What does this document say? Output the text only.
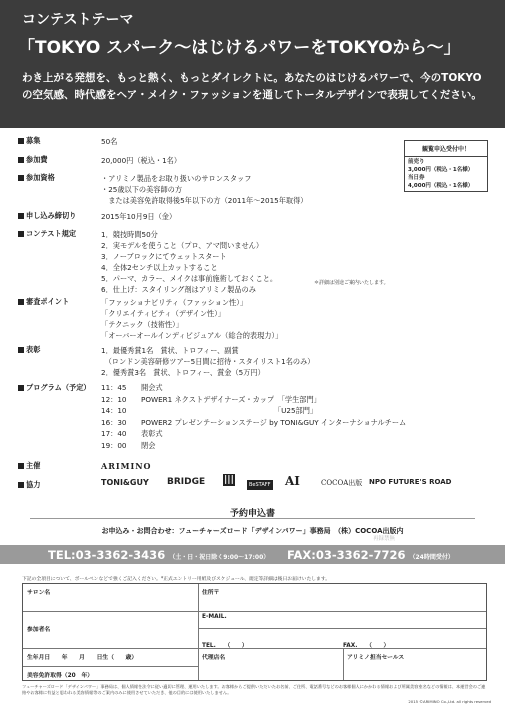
コンテストテーマ
「TOKYO スパーク～はじけるパワーをTOKYOから～」
わき上がる発想を、もっと熱く、もっとダイレクトに。あなたのはじけるパワーで、今のTOKYOの空気感、時代感をヘア・メイク・ファッションを通してトータルデザインで表現してください。
募集	50名
参加費	20,000円（税込・1名）
参加資格	・アリミノ製品をお取り扱いのサロンスタッフ
・25歳以下の美容師の方
　または美容免許取得後5年以下の方（2011年～2015年取得）
申し込み締切り	2015年10月9日（金）
コンテスト規定	1．競技時間50分
2．実モデルを使うこと（プロ、アマ問いません）
3．ノーブロックにてウェットスタート
4．全体2センチ以上カットすること
5．パーマ、カラー、メイクは事前施術しておくこと。
6．仕上げ：スタイリング剤はアリミノ製品のみ
＊詳細は別途ご案内いたします。
審査ポイント	「ファッショナビリティ（ファッション性）」
「クリエイティビティ（デザイン性）」
「テクニック（技術性）」
「オーバーオールインディビジュアル（総合的表現力）」
表彰	1．最優秀賞1名　賞状、トロフィー、副賞
　（ロンドン美容研修ツアー5日間に招待・スタイリスト1名のみ）
2．優秀賞3名　賞状、トロフィー、賞金（5万円）
プログラム（予定） 11：45	開会式
12：10	POWER1 ネクストデザイナーズ・カップ　「学生部門」
14：10	　　　　　　　　　　　　　　　　　　　「U25部門」
16：30	POWER2 プレゼンテーションステージ by TONI&GUY インターナショナルチーム
17：40	表彰式
19：00	閉会
主催	ARIMINO
協力	TONI&GUY BRIDGE |||	BeSTAFF AI	COCOA出版 NPO FUTURE'S ROAD
観覧申込受付中！
前売り
3,000円（税込・1名様）
当日券
4,000円（税込・1名様）
予約申込書
お申込み・お問合わせ：フューチャーズロード「デザインパワー」事務局　（株）COCOA出版内
再録禁無
TEL:03-3362-3436 （土・日・祝日除く9:00～17:00） FAX:03-3362-7726 （24時間受付）
下記の全項目について、ボールペンなどで強くご記入ください。*正式エントリー用紙及びスケジュール、規定等詳細は後日お届けいたします。
サロン名	住所〒
参加者名
E-MAIL.
TEL.　　（　　）	FAX.　　（　　）
生年月日　　年　　月　　日生（　　歳）	代理店名	アリミノ担当セールス
美容免許取得（20　年）
フューチャーズロード「デザインパワー」事務局は、個人情報を法令に従い適切に管理、運用いたします。お客様からご提供いただいたお名前、ご住所、電話番号などのお客様個人にかかわる情報および所属美容室名などの情報は、本運営会のご連絡やお客様に有益と思われる美容情報等のご案内のみに使用させていただき、他の目的には使用いたしません。
2015 ©ARIMINO Co.,Ltd. all rights reserved
